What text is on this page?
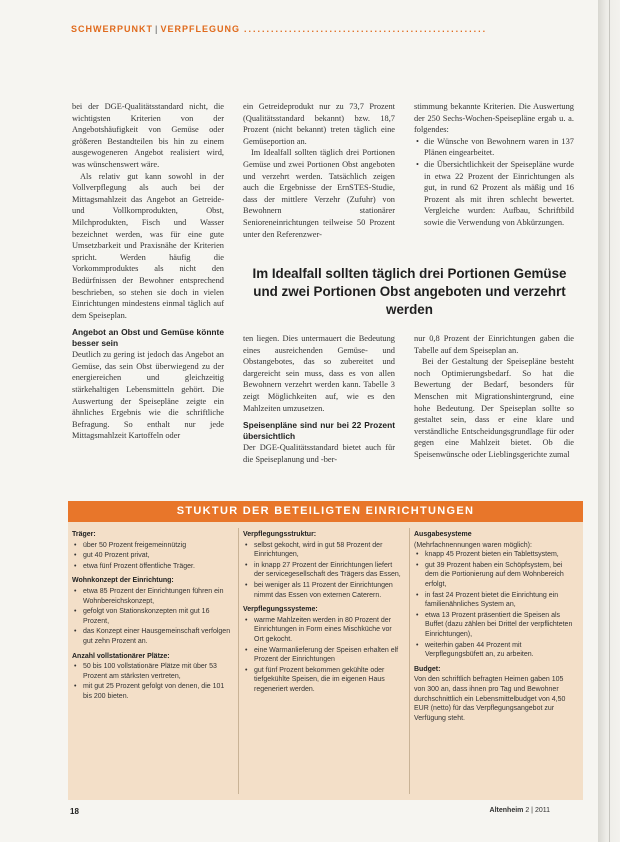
SCHWERPUNKT | VERPFLEGUNG ......................................................

bei der DGE-Qualitätsstandard nicht, die wichtigsten Kriterien von der Angebotshäufigkeit von Gemüse oder größeren Bestandteilen bis hin zu einem ausgewogeneren Angebot realisiert wird, was wünschenswert wäre.

Als relativ gut kann sowohl in der Vollverpflegung als auch bei der Mittagsmahlzeit das Angebot an Getreide- und Vollkornprodukten, Obst, Milchprodukten, Fisch und Wasser bezeichnet werden, was für eine gute Umsetzbarkeit und Praxisnähe der Kriterien spricht. Werden häufig die Vorkommproduktes als nicht den Bedürfnissen der Bewohner entsprechend beschrieben, so stehen sie doch in vielen Einrichtungen mindestens einmal täglich auf dem Speiseplan.

Angebot an Obst und Gemüse könnte besser sein

Deutlich zu gering ist jedoch das Angebot an Gemüse, das sein Obst überwiegend zu der energiereichen und gleichzeitig stärkehaltigen Lebensmitteln gehört. Die Auswertung der Speisepläne zeigte ein ähnliches Ergebnis wie die schriftliche Befragung. So enthalt nur jede Mittagsmahlzeit Kartoffeln oder

ein Getreideprodukt nur zu 73,7 Prozent (Qualitätsstandard bekannt) bzw. 18,7 Prozent (nicht bekannt) treten täglich eine Gemüseportion an.

Im Idealfall sollten täglich drei Portionen Gemüse und zwei Portionen Obst angeboten und verzehrt werden. Tatsächlich zeigen auch die Ergebnisse der ErnSTES-Studie, dass der mittlere Verzehr (Zufuhr) von Bewohnern stationärer Senioreneinrichtungen teilweise 50 Prozent unter den Referenzwer-

stimmung bekannte Kriterien. Die Auswertung der 250 Sechs-Wochen-Speisepläne ergab u. a. folgendes:

• die Wünsche von Bewohnern waren in 137 Plänen eingearbeitet.
• die Übersichtlichkeit der Speisepläne wurde in etwa 22 Prozent der Einrichtungen als gut, in rund 62 Prozent als mäßig und 16 Prozent als mit ihren schlecht bewertet. Vergleiche wurden: Aufbau, Schriftbild sowie die Verwendung von Abkürzungen.
Im Idealfall sollten täglich drei Portionen Gemüse und zwei Portionen Obst angeboten und verzehrt werden

ten liegen. Dies untermauert die Bedeutung eines ausreichenden Gemüse- und Obstangebotes, das so zubereitet und dargereicht sein muss, dass es von allen Bewohnern verzehrt werden kann. Tabelle 3 zeigt Möglichkeiten auf, wie es den Mahlzeiten umzusetzen.

Speisenpläne sind nur bei 22 Prozent übersichtlich

Der DGE-Qualitätsstandard bietet auch für die Speiseplanung und -ber-

nur 0,8 Prozent der Einrichtungen gaben die Tabelle auf dem Speiseplan an.

Bei der Gestaltung der Speisepläne besteht noch Optimierungsbedarf. So hat die Bewertung der Bedarf, besonders für Menschen mit Migrationshintergrund, eine hohe Bedeutung. Der Speiseplan sollte so gestaltet sein, dass er eine klare und verständliche Entscheidungsgrundlage für oder gegen eine Mahlzeit bietet. Ob die Speisenwünsche oder Lieblingsgerichte zumal

STUKTUR DER BETEILIGTEN EINRICHTUNGEN
Träger:
• über 50 Prozent freigemeinnützig
• gut 40 Prozent privat,
• etwa fünf Prozent öffentliche Träger.
Wohnkonzept der Einrichtung:
• etwa 85 Prozent der Einrichtungen führen ein Wohnbereichskonzept,
• gefolgt von Stationskonzepten mit gut 16 Prozent,
• das Konzept einer Hausgemeinschaft verfolgen gut zehn Prozent an.
Anzahl vollstationärer Plätze:
• 50 bis 100 vollstationäre Plätze mit über 53 Prozent am stärksten vertreten,
• mit gut 25 Prozent gefolgt von denen, die 101 bis 200 bieten.
Verpflegungsstruktur:
• selbst gekocht, wird in gut 58 Prozent der Einrichtungen,
• in knapp 27 Prozent der Einrichtungen liefert der servicegesellschaft des Trägers das Essen,
• bei weniger als 11 Prozent der Einrichtungen nimmt das Essen von externen Caterern.
Verpflegungssysteme:
• warme Mahlzeiten werden in 80 Prozent der Einrichtungen in Form eines Mischküche vor Ort gekocht.
• eine Warmanlieferung der Speisen erhalten elf Prozent der Einrichtungen
• gut fünf Prozent bekommen gekühlte oder tiefgekühlte Speisen, die im eigenen Haus regeneriert werden.
Ausgabesysteme

(Mehrfachnennungen waren möglich):

• knapp 45 Prozent bieten ein Tablettsystem,
• gut 39 Prozent haben ein Schöpfsystem, bei dem die Portionierung auf dem Wohnbereich erfolgt,
• in fast 24 Prozent bietet die Einrichtung ein familienähnliches System an,
• etwa 13 Prozent präsentiert die Speisen als Buffet (dazu zählen bei Drittel der verpflichteten Einrichtungen),
• weiterhin gaben 44 Prozent mit Verpflegungsbüfett an, zu arbeiten.
Budget:

Von den schriftlich befragten Heimen gaben 105 von 300 an, dass ihnen pro Tag und Bewohner durchschnittlich ein Lebensmittelbudget von 4,50 EUR (netto) für das Verpflegungsangebot zur Verfügung steht.

18	Altenheim 2 | 2011
